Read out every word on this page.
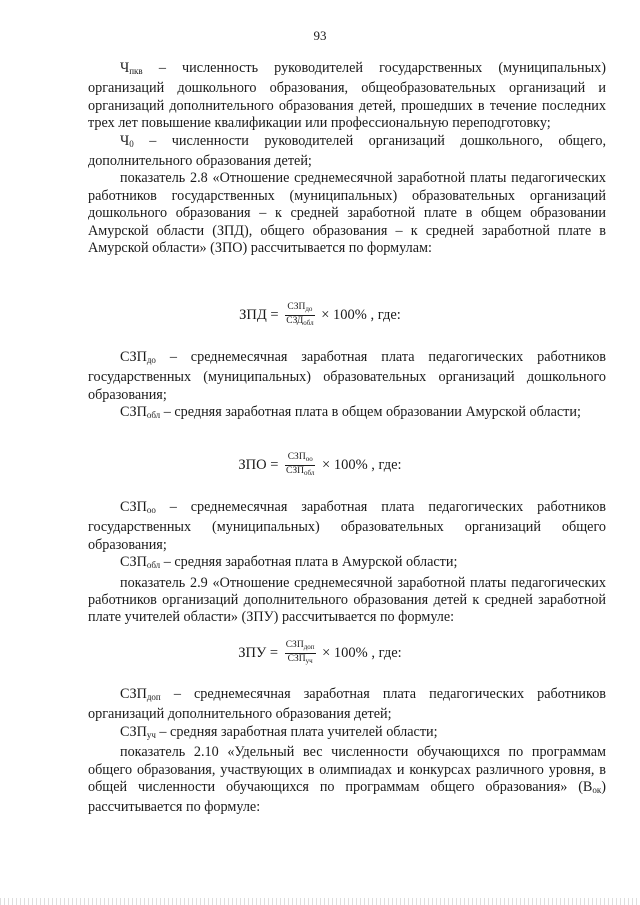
93

$Ч_{пкв}$ – численность руководителей государственных (муниципальных) организаций дошкольного образования, общеобразовательных организаций и организаций дополнительного образования детей, прошедших в течение последних трех лет повышение квалификации или профессиональную переподготовку;

$Ч_0$ – численности руководителей организаций дошкольного, общего, дополнительного образования детей;

показатель 2.8 «Отношение среднемесячной заработной платы педагогических работников государственных (муниципальных) образовательных организаций дошкольного образования – к средней заработной плате в общем образовании Амурской области (ЗПД), общего образования – к средней заработной плате в Амурской области» (ЗПО) рассчитывается по формулам:

ЗПД = $\frac{СЗП_{до}}{СЗД_{обл}} \times 100\%$ , где:

$СЗП_{до}$ – среднемесячная заработная плата педагогических работников государственных (муниципальных) образовательных организаций дошкольного образования;

$СЗП_{обл}$ – средняя заработная плата в общем образовании Амурской области;

ЗПО = $\frac{СЗП_{оо}}{СЗП_{обл}} \times 100\%$ , где:

$СЗП_{оо}$ – среднемесячная заработная плата педагогических работников государственных (муниципальных) образовательных организаций общего образования;

$СЗП_{обл}$ – средняя заработная плата в Амурской области;

показатель 2.9 «Отношение среднемесячной заработной платы педагогических работников организаций дополнительного образования детей к средней заработной плате учителей области» (ЗПУ) рассчитывается по формуле:

ЗПУ = $\frac{СЗП_{доп}}{СЗП_{уч}} \times 100\%$ , где:

$СЗП_{доп}$ – среднемесячная заработная плата педагогических работников организаций дополнительного образования детей;

$СЗП_{уч}$ – средняя заработная плата учителей области;

показатель 2.10 «Удельный вес численности обучающихся по программам общего образования, участвующих в олимпиадах и конкурсах различного уровня, в общей численности обучающихся по программам общего образования» $(В_{ок})$ рассчитывается по формуле:
